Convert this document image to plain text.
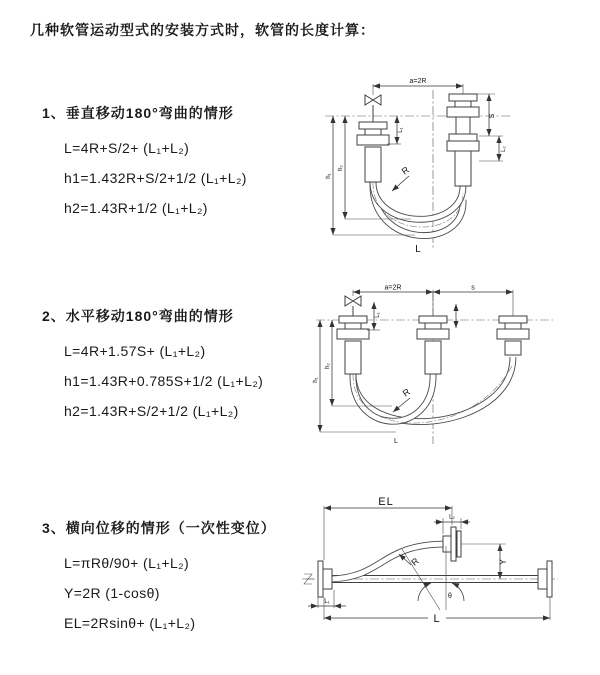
几种软管运动型式的安装方式时，软管的长度计算：
1、垂直移动180°弯曲的情形
L=4R+S/2+ (L₁+L₂)
h1=1.432R+S/2+1/2 (L₁+L₂)
h2=1.43R+1/2 (L₁+L₂)
2、水平移动180°弯曲的情形
L=4R+1.57S+ (L₁+L₂)
h1=1.43R+0.785S+1/2 (L₁+L₂)
h2=1.43R+S/2+1/2 (L₁+L₂)
3、横向位移的情形（一次性变位）
L=πRθ/90+ (L₁+L₂)
Y=2R (1-cosθ)
EL=2Rsinθ+ (L₁+L₂)
a=2R
S
L₂
h₁
h₂
L₁
R
L
a=2R	s
h₁
h₂
L₁
R
L
θ
EL
L₂
Y
R
L
L₁
